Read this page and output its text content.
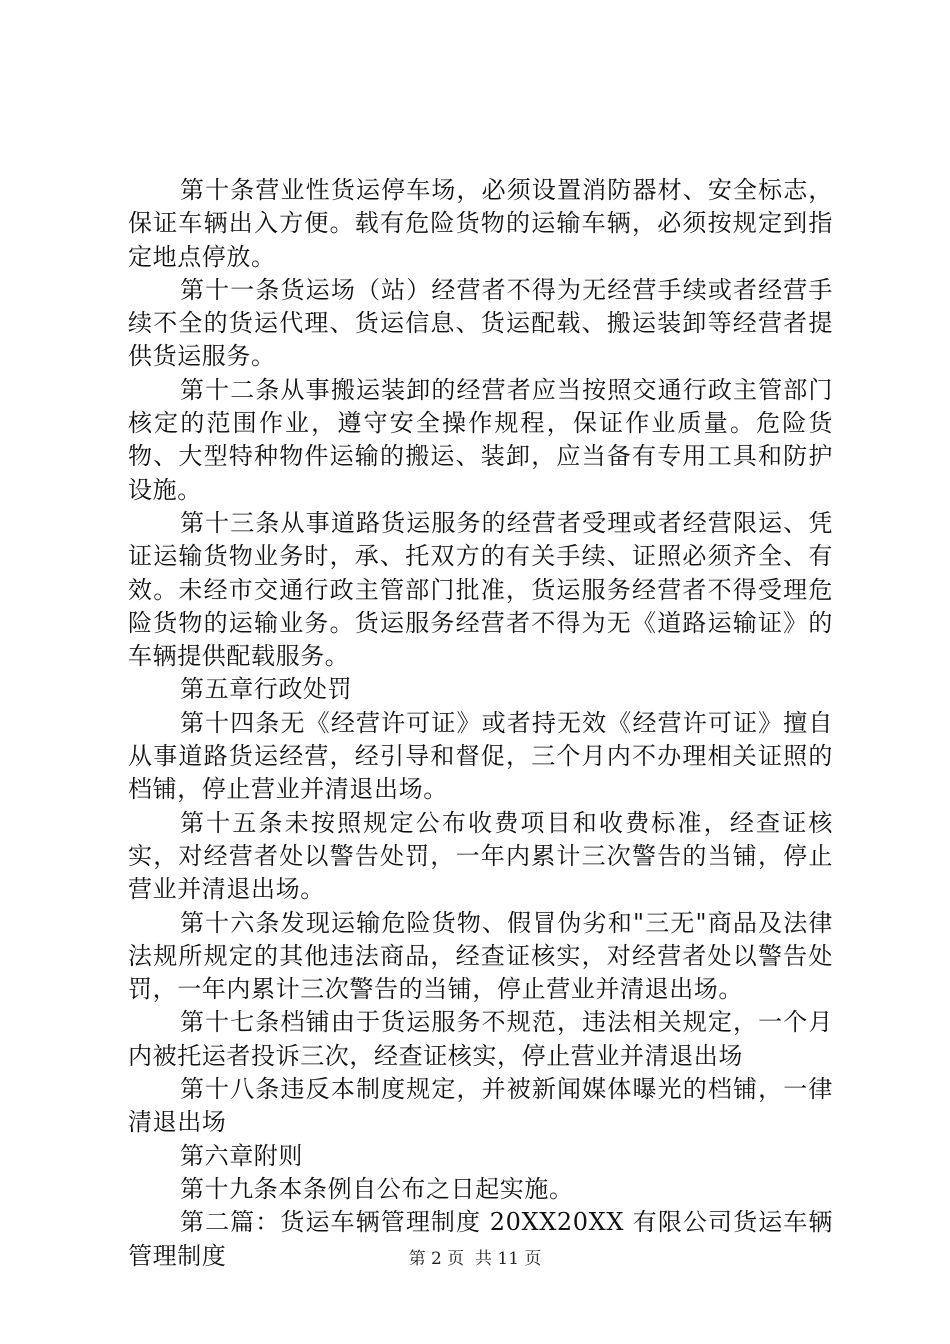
第十条营业性货运停车场，必须设置消防器材、安全标志，保证车辆出入方便。载有危险货物的运输车辆，必须按规定到指定地点停放。

第十一条货运场（站）经营者不得为无经营手续或者经营手续不全的货运代理、货运信息、货运配载、搬运装卸等经营者提供货运服务。

第十二条从事搬运装卸的经营者应当按照交通行政主管部门核定的范围作业，遵守安全操作规程，保证作业质量。危险货物、大型特种物件运输的搬运、装卸，应当备有专用工具和防护设施。

第十三条从事道路货运服务的经营者受理或者经营限运、凭证运输货物业务时，承、托双方的有关手续、证照必须齐全、有效。未经市交通行政主管部门批准，货运服务经营者不得受理危险货物的运输业务。货运服务经营者不得为无《道路运输证》的车辆提供配载服务。

第五章行政处罚

第十四条无《经营许可证》或者持无效《经营许可证》擅自从事道路货运经营，经引导和督促，三个月内不办理相关证照的档铺，停止营业并清退出场。

第十五条未按照规定公布收费项目和收费标准，经查证核实，对经营者处以警告处罚，一年内累计三次警告的当铺，停止营业并清退出场。

第十六条发现运输危险货物、假冒伪劣和"三无"商品及法律法规所规定的其他违法商品，经查证核实，对经营者处以警告处罚，一年内累计三次警告的当铺，停止营业并清退出场。

第十七条档铺由于货运服务不规范，违法相关规定，一个月内被托运者投诉三次，经查证核实，停止营业并清退出场

第十八条违反本制度规定，并被新闻媒体曝光的档铺，一律清退出场

第六章附则

第十九条本条例自公布之日起实施。

第二篇：货运车辆管理制度 20XX20XX 有限公司货运车辆管理制度	第 2 页  共 11 页
